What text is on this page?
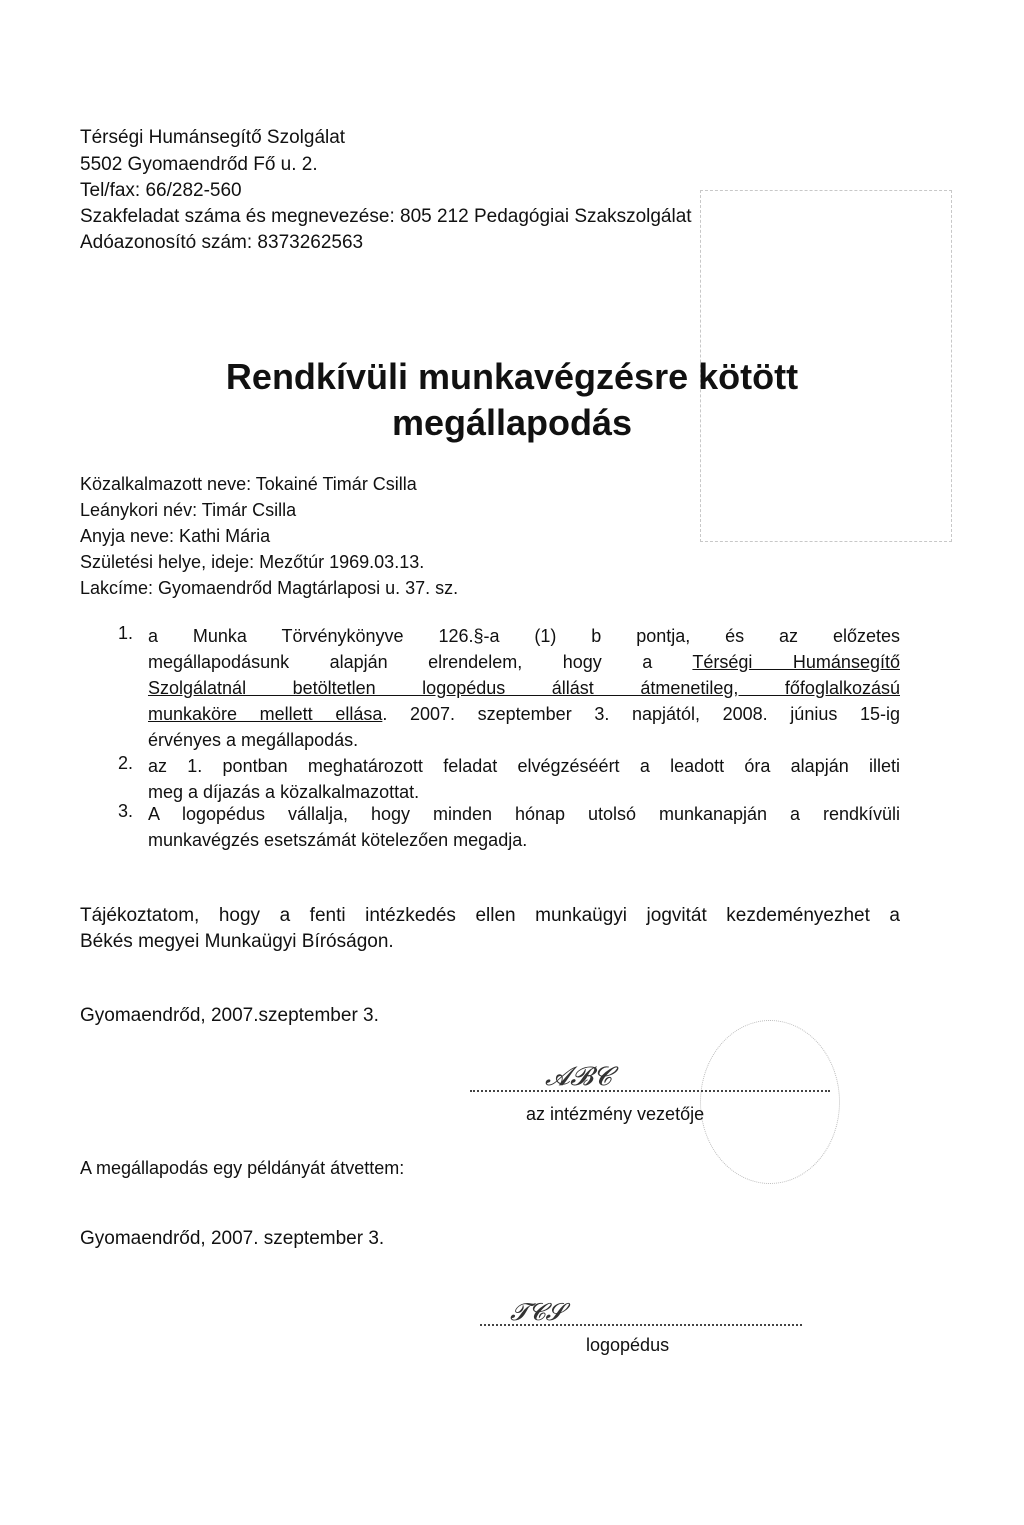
Térségi Humánsegítő Szolgálat
5502 Gyomaendrőd Fő u. 2.
Tel/fax: 66/282-560
Szakfeladat száma és megnevezése: 805 212 Pedagógiai Szakszolgálat
Adóazonosító szám: 8373262563
Rendkívüli munkavégzésre kötött
megállapodás
Közalkalmazott neve: Tokainé Timár Csilla
Leánykori név: Timár Csilla
Anyja neve: Kathi Mária
Születési helye, ideje: Mezőtúr 1969.03.13.
Lakcíme: Gyomaendrőd Magtárlaposi u. 37. sz.
1. a Munka Törvénykönyve 126.§-a (1) b pontja, és az előzetes
megállapodásunk alapján elrendelem, hogy a Térségi Humánsegítő
Szolgálatnál betöltetlen logopédus állást átmenetileg, főfoglalkozású
munkaköre mellett ellása. 2007. szeptember 3. napjától, 2008. június 15-ig
érvényes a megállapodás.
2. az 1. pontban meghatározott feladat elvégzéséért a leadott óra alapján illeti
meg a díjazás a közalkalmazottat.
3. A logopédus vállalja, hogy minden hónap utolsó munkanapján a rendkívüli
munkavégzés esetszámát kötelezően megadja.
Tájékoztatom, hogy a fenti intézkedés ellen munkaügyi jogvitát kezdeményezhet a
Békés megyei Munkaügyi Bíróságon.
Gyomaendrőd, 2007.szeptember 3.
𝓐𝓑𝓒
az intézmény vezetője
A megállapodás egy példányát átvettem:
Gyomaendrőd, 2007. szeptember 3.
𝓣𝓒𝓢
logopédus
